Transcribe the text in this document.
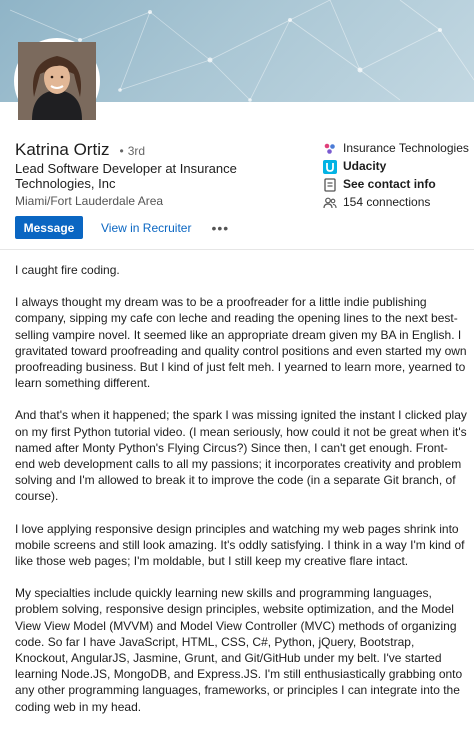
Katrina Ortiz • 3rd
Lead Software Developer at Insurance Technologies, Inc
Miami/Fort Lauderdale Area
Message	View in Recruiter •••
Insurance Technologies
Udacity
See contact info
154 connections

I caught fire coding.

I always thought my dream was to be a proofreader for a little indie publishing company, sipping my cafe con leche and reading the opening lines to the next best-selling vampire novel. It seemed like an appropriate dream given my BA in English. I gravitated toward proofreading and quality control positions and even started my own proofreading business. But I kind of just felt meh. I yearned to learn more, yearned to learn something different.

And that's when it happened; the spark I was missing ignited the instant I clicked play on my first Python tutorial video. (I mean seriously, how could it not be great when it's named after Monty Python's Flying Circus?) Since then, I can't get enough. Front-end web development calls to all my passions; it incorporates creativity and problem solving and I'm allowed to break it to improve the code (in a separate Git branch, of course).

I love applying responsive design principles and watching my web pages shrink into mobile screens and still look amazing. It's oddly satisfying. I think in a way I'm kind of like those web pages; I'm moldable, but I still keep my creative flare intact.

My specialties include quickly learning new skills and programming languages, problem solving, responsive design principles, website optimization, and the Model View View Model (MVVM) and Model View Controller (MVC) methods of organizing code. So far I have JavaScript, HTML, CSS, C#, Python, jQuery, Bootstrap, Knockout, AngularJS, Jasmine, Grunt, and Git/GitHub under my belt. I've started learning Node.JS, MongoDB, and Express.JS. I'm still enthusiastically grabbing onto any other programming languages, frameworks, or principles I can integrate into the coding web in my head.
